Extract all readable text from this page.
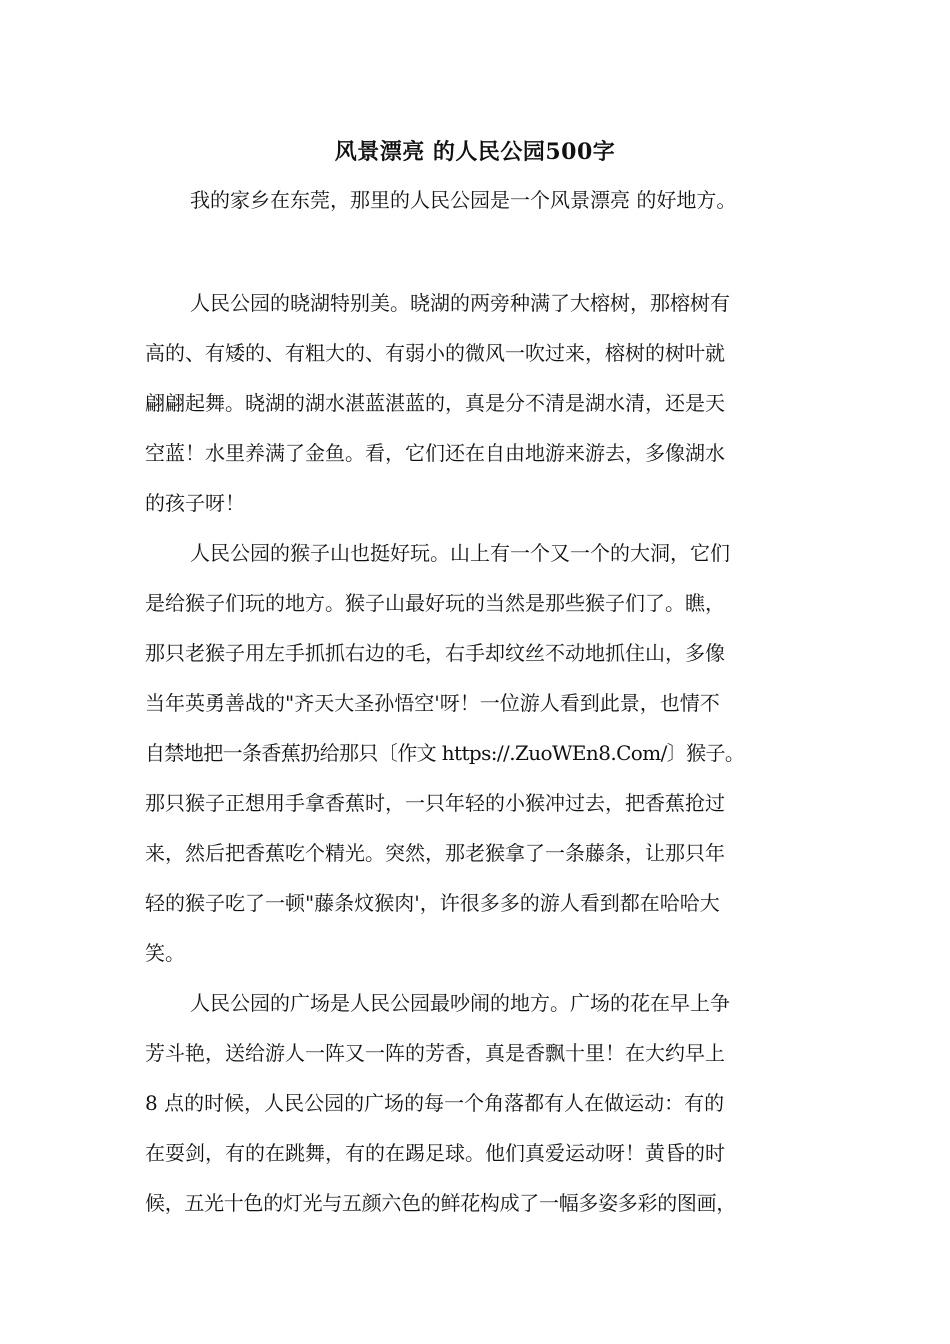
风景漂亮 的人民公园500字
我的家乡在东莞，那里的人民公园是一个风景漂亮 的好地方。
人民公园的晓湖特别美。晓湖的两旁种满了大榕树，那榕树有
高的、有矮的、有粗大的、有弱小的微风一吹过来，榕树的树叶就
翩翩起舞。晓湖的湖水湛蓝湛蓝的，真是分不清是湖水清，还是天
空蓝！水里养满了金鱼。看，它们还在自由地游来游去，多像湖水
的孩子呀！
人民公园的猴子山也挺好玩。山上有一个又一个的大洞，它们
是给猴子们玩的地方。猴子山最好玩的当然是那些猴子们了。瞧，
那只老猴子用左手抓抓右边的毛，右手却纹丝不动地抓住山，多像
当年英勇善战的"齐天大圣孙悟空'呀！一位游人看到此景，也情不
自禁地把一条香蕉扔给那只〔作文 https://.ZuoWEn8.Com/〕猴子。
那只猴子正想用手拿香蕉时，一只年轻的小猴冲过去，把香蕉抢过
来，然后把香蕉吃个精光。突然，那老猴拿了一条藤条，让那只年
轻的猴子吃了一顿"藤条炆猴肉'，许很多多的游人看到都在哈哈大
笑。
人民公园的广场是人民公园最吵闹的地方。广场的花在早上争
芳斗艳，送给游人一阵又一阵的芳香，真是香飘十里！在大约早上
8 点的时候，人民公园的广场的每一个角落都有人在做运动：有的
在耍剑，有的在跳舞，有的在踢足球。他们真爱运动呀！黄昏的时
候，五光十色的灯光与五颜六色的鲜花构成了一幅多姿多彩的图画，
